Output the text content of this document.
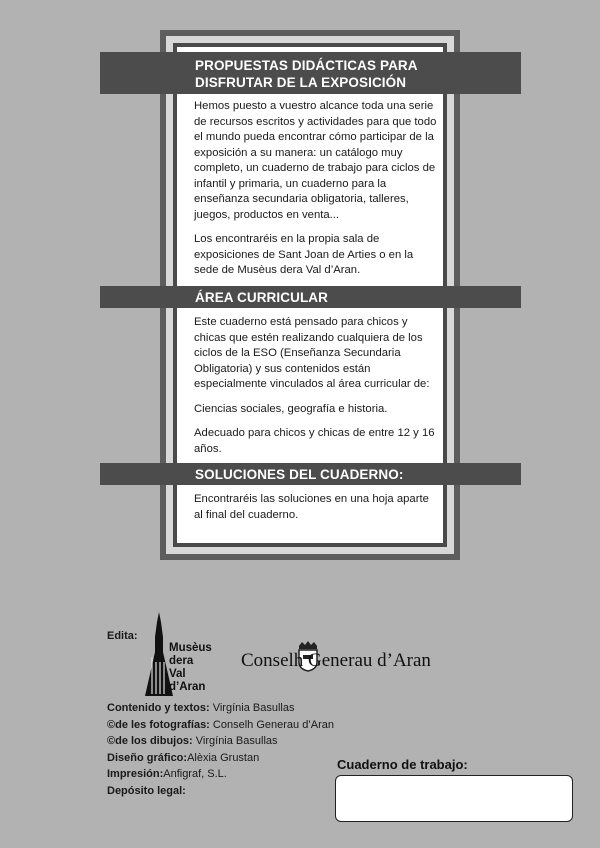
PROPUESTAS DIDÁCTICAS PARA
DISFRUTAR DE LA EXPOSICIÓN

Hemos puesto a vuestro alcance toda una serie de recursos escritos y actividades para que todo el mundo pueda encontrar cómo participar de la exposición a su manera: un catálogo muy completo, un cuaderno de trabajo para ciclos de infantil y primaria, un cuaderno para la enseñanza secundaria obligatoria, talleres, juegos, productos en venta...

Los encontraréis en la propia sala de exposiciones de Sant Joan de Arties o en la sede de Musèus dera Val d’Aran.

ÁREA CURRICULAR

Este cuaderno está pensado para chicos y chicas que estén realizando cualquiera de los ciclos de la ESO (Enseñanza Secundaria Obligatoria) y sus contenidos están especialmente vinculados al área curricular de:

Ciencias sociales, geografía e historia.

Adecuado para chicos y chicas de entre 12 y 16 años.

SOLUCIONES DEL CUADERNO:

Encontraréis las soluciones en una hoja aparte al final del cuaderno.

Edita:
Musèus
dera
Val
d’Aran
Conselh Generau d’Aran
Contenido y textos: Virgínia Basullas
©de les fotografías: Conselh Generau d’Aran
©de los dibujos: Virgínia Basullas
Diseño gráfico:Alèxia Grustan
Impresión:Anfigraf, S.L.
Depósito legal:
Cuaderno de trabajo:
